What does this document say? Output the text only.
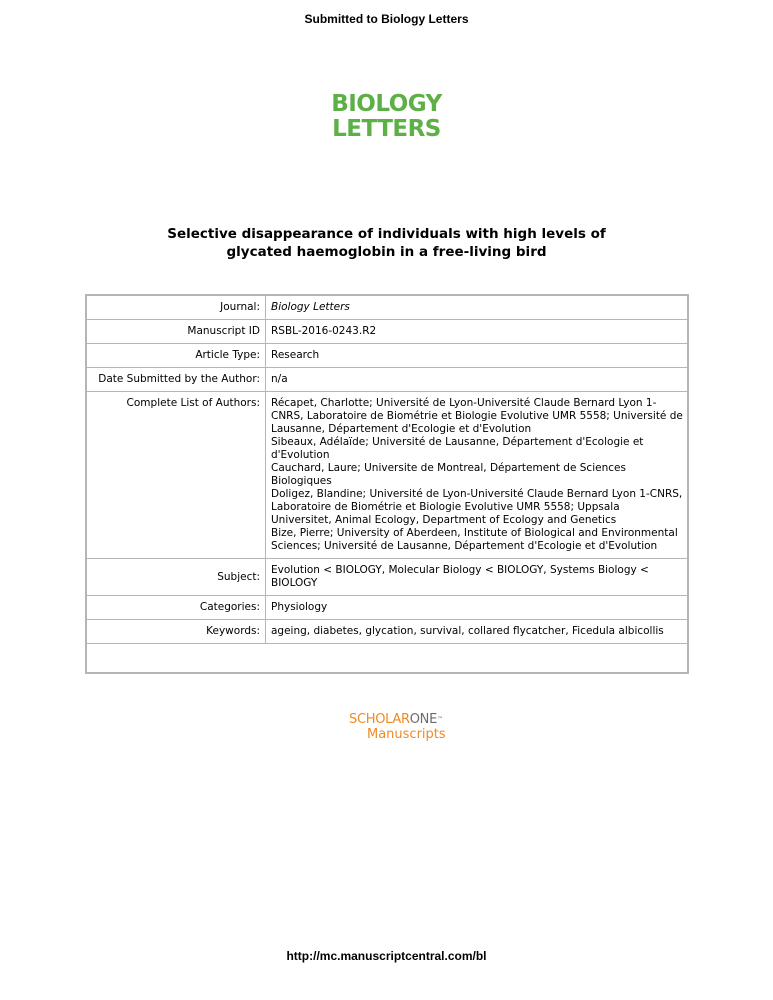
Submitted to Biology Letters
BIOLOGY
LETTERS
Selective disappearance of individuals with high levels of
glycated haemoglobin in a free-living bird
Journal:	Biology Letters
Manuscript ID	RSBL-2016-0243.R2
Article Type:	Research
Date Submitted by the Author:	n/a
Complete List of Authors:	Récapet, Charlotte; Université de Lyon-Université Claude Bernard Lyon 1-CNRS, Laboratoire de Biométrie et Biologie Evolutive UMR 5558; Université de Lausanne, Département d'Ecologie et d'Evolution
Sibeaux, Adélaïde; Université de Lausanne, Département d'Ecologie et d'Evolution
Cauchard, Laure; Universite de Montreal, Département de Sciences Biologiques
Doligez, Blandine; Université de Lyon-Université Claude Bernard Lyon 1-CNRS, Laboratoire de Biométrie et Biologie Evolutive UMR 5558; Uppsala Universitet, Animal Ecology, Department of Ecology and Genetics
Bize, Pierre; University of Aberdeen, Institute of Biological and Environmental Sciences; Université de Lausanne, Département d'Ecologie et d'Evolution

Subject:	Evolution < BIOLOGY, Molecular Biology < BIOLOGY, Systems Biology < BIOLOGY
Categories:	Physiology
Keywords:	ageing, diabetes, glycation, survival, collared flycatcher, Ficedula albicollis

SCHOLARONE™
Manuscripts
http://mc.manuscriptcentral.com/bl
